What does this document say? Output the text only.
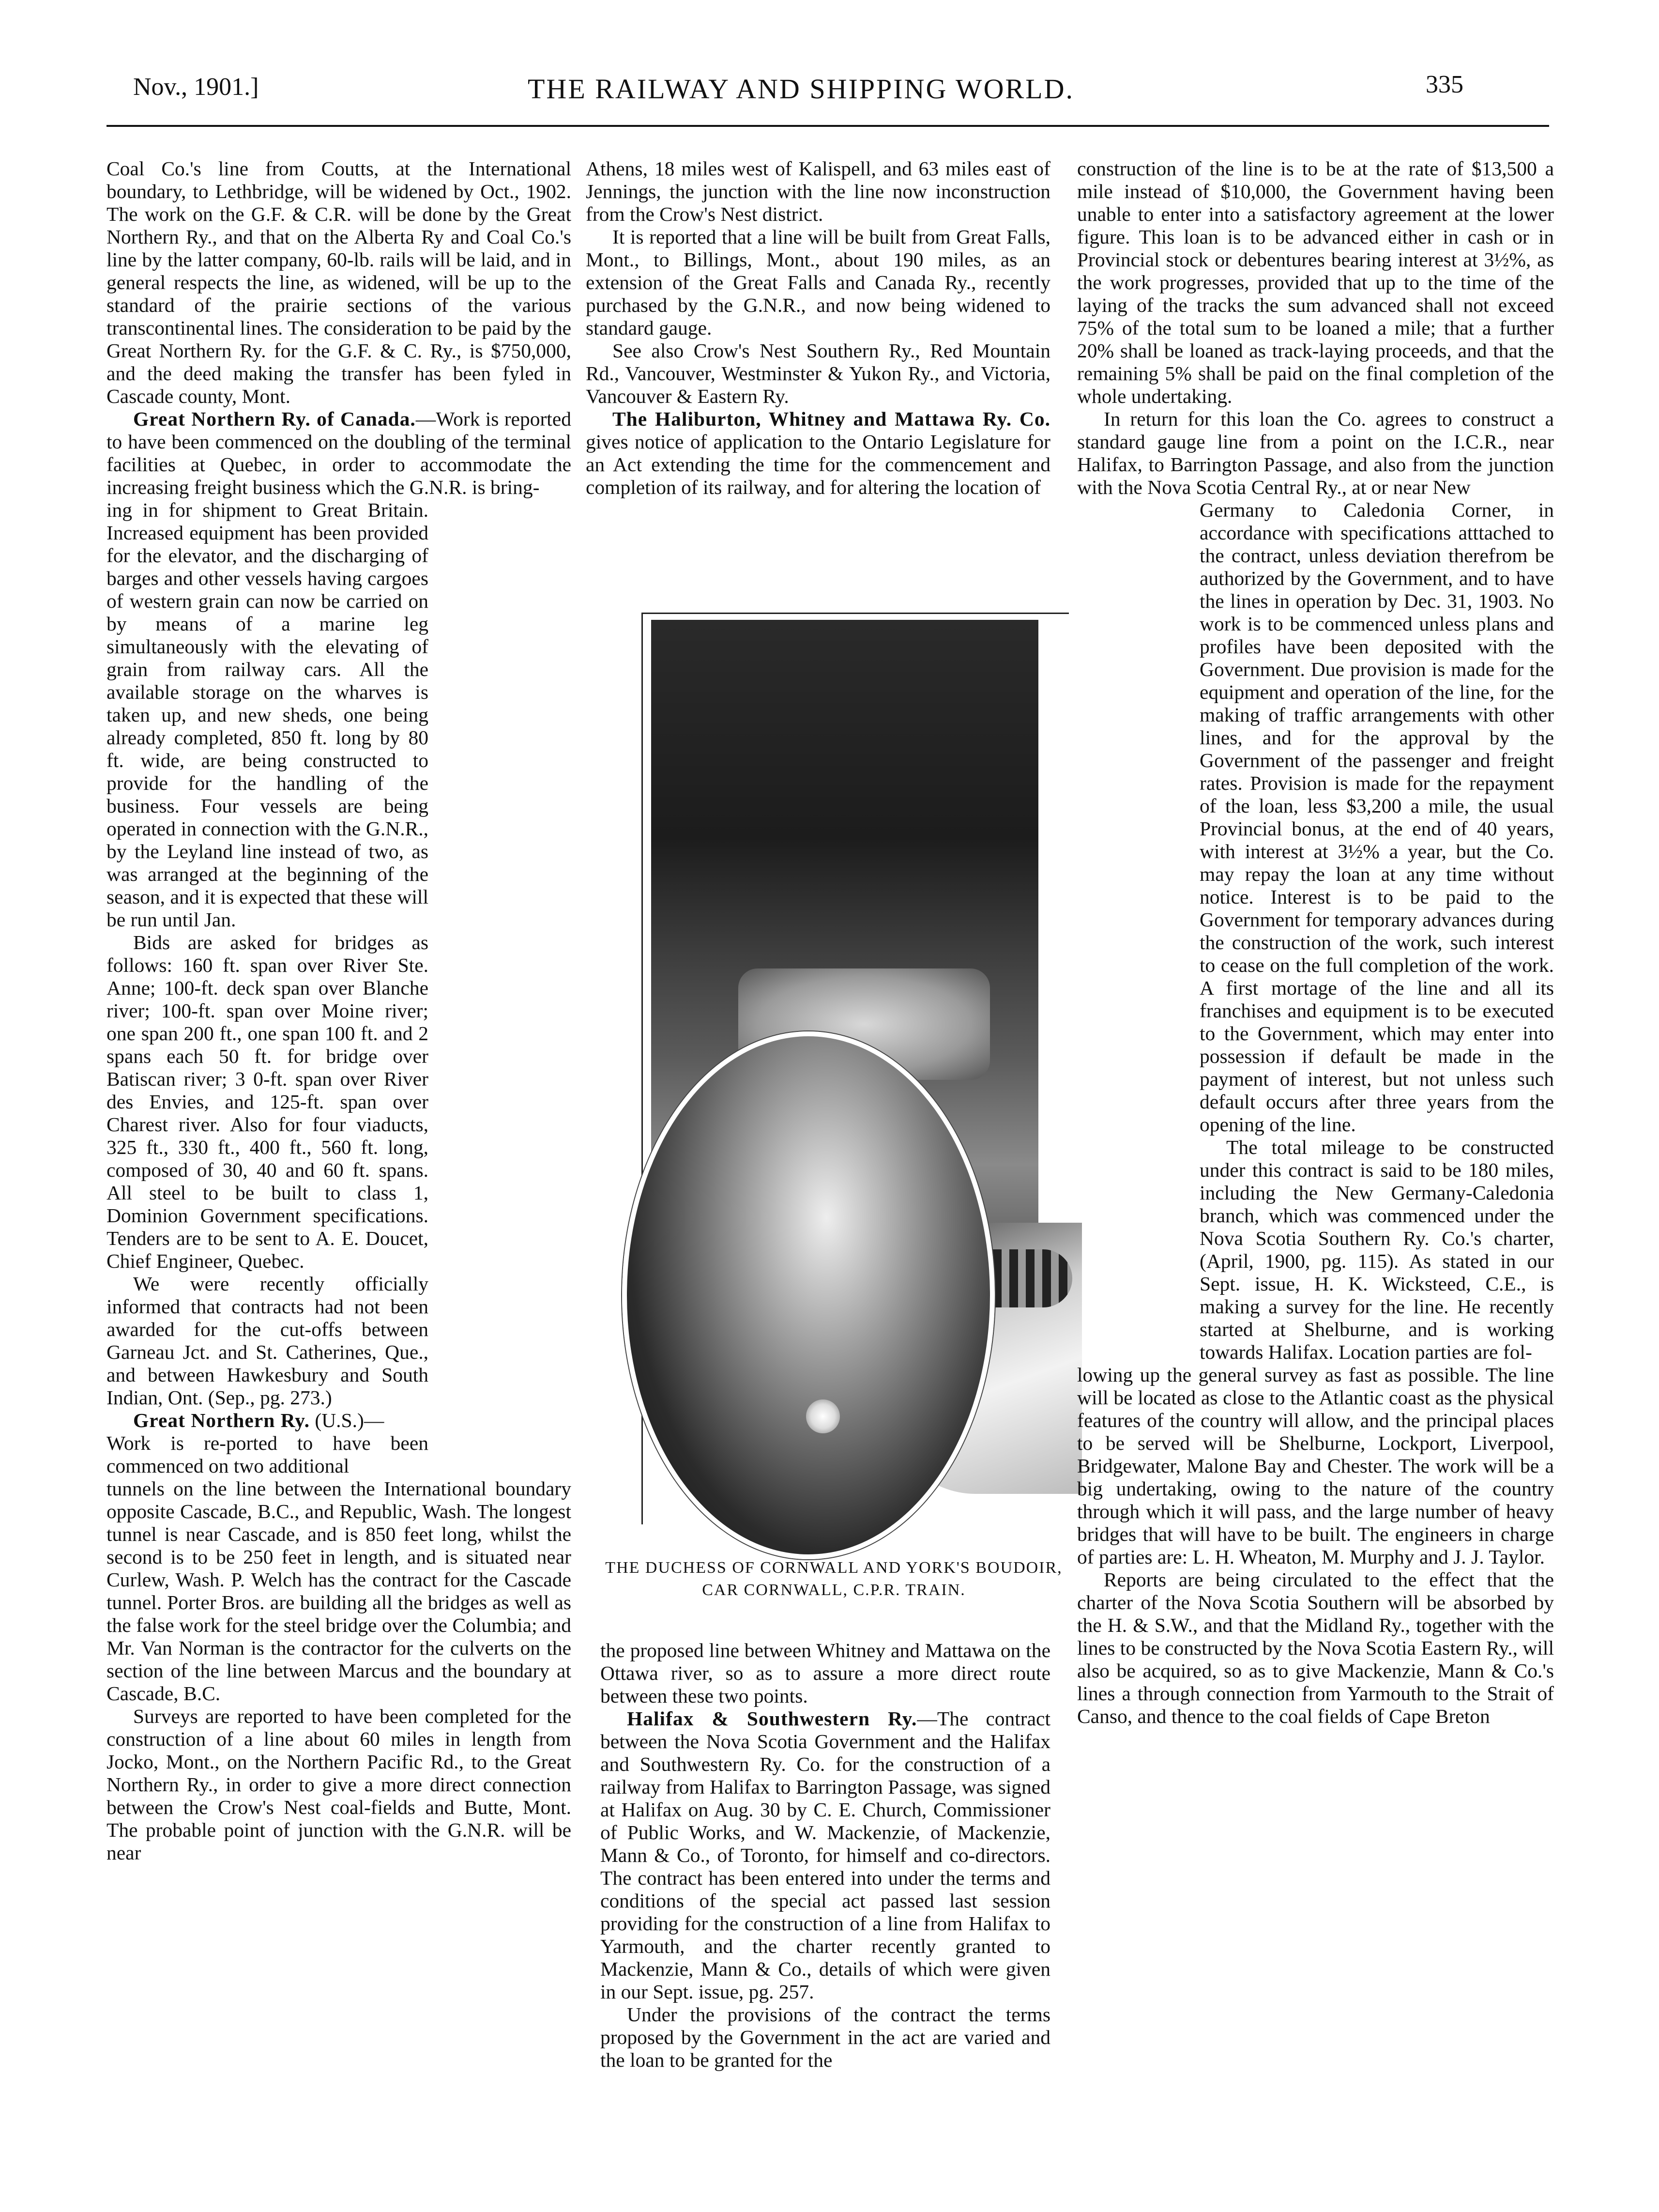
Nov., 1901.]	THE RAILWAY AND SHIPPING WORLD.	335

Coal Co.'s line from Coutts, at the International boundary, to Lethbridge, will be widened by Oct., 1902. The work on the G.F. & C.R. will be done by the Great Northern Ry., and that on the Alberta Ry and Coal Co.'s line by the latter company, 60-lb. rails will be laid, and in general respects the line, as widened, will be up to the standard of the prairie sections of the various transcontinental lines. The consideration to be paid by the Great Northern Ry. for the G.F. & C. Ry., is $750,000, and the deed making the transfer has been fyled in Cascade county, Mont.

Great Northern Ry. of Canada.—Work is reported to have been commenced on the doubling of the terminal facilities at Quebec, in order to accommodate the increasing freight business which the G.N.R. is bring-

ing in for shipment to Great Britain. Increased equipment has been provided for the elevator, and the discharging of barges and other vessels having cargoes of western grain can now be carried on by means of a marine leg simultaneously with the elevating of grain from railway cars. All the available storage on the wharves is taken up, and new sheds, one being already completed, 850 ft. long by 80 ft. wide, are being constructed to provide for the handling of the business. Four vessels are being operated in connection with the G.N.R., by the Leyland line instead of two, as was arranged at the beginning of the season, and it is expected that these will be run until Jan.

Bids are asked for bridges as follows: 160 ft. span over River Ste. Anne; 100-ft. deck span over Blanche river; 100-ft. span over Moine river; one span 200 ft., one span 100 ft. and 2 spans each 50 ft. for bridge over Batiscan river; 3 0-ft. span over River des Envies, and 125-ft. span over Charest river. Also for four viaducts, 325 ft., 330 ft., 400 ft., 560 ft. long, composed of 30, 40 and 60 ft. spans. All steel to be built to class 1, Dominion Government specifications. Tenders are to be sent to A. E. Doucet, Chief Engineer, Quebec.

We were recently officially informed that contracts had not been awarded for the cut-offs between Garneau Jct. and St. Catherines, Que., and between Hawkesbury and South Indian, Ont. (Sep., pg. 273.)

Great Northern Ry. (U.S.)—

Work is re-ported to have been commenced on two additional

tunnels on the line between the International boundary opposite Cascade, B.C., and Republic, Wash. The longest tunnel is near Cascade, and is 850 feet long, whilst the second is to be 250 feet in length, and is situated near Curlew, Wash. P. Welch has the contract for the Cascade tunnel. Porter Bros. are building all the bridges as well as the false work for the steel bridge over the Columbia; and Mr. Van Norman is the contractor for the culverts on the section of the line between Marcus and the boundary at Cascade, B.C.

Surveys are reported to have been completed for the construction of a line about 60 miles in length from Jocko, Mont., on the Northern Pacific Rd., to the Great Northern Ry., in order to give a more direct connection between the Crow's Nest coal-fields and Butte, Mont. The probable point of junction with the G.N.R. will be near

Athens, 18 miles west of Kalispell, and 63 miles east of Jennings, the junction with the line now inconstruction from the Crow's Nest district.

It is reported that a line will be built from Great Falls, Mont., to Billings, Mont., about 190 miles, as an extension of the Great Falls and Canada Ry., recently purchased by the G.N.R., and now being widened to standard gauge.

See also Crow's Nest Southern Ry., Red Mountain Rd., Vancouver, Westminster & Yukon Ry., and Victoria, Vancouver & Eastern Ry.

The Haliburton, Whitney and Mattawa Ry. Co. gives notice of application to the Ontario Legislature for an Act extending the time for the commencement and completion of its railway, and for altering the location of

THE DUCHESS OF CORNWALL AND YORK'S BOUDOIR,
CAR CORNWALL, C.P.R. TRAIN.

the proposed line between Whitney and Mattawa on the Ottawa river, so as to assure a more direct route between these two points.

Halifax & Southwestern Ry.—The contract between the Nova Scotia Government and the Halifax and Southwestern Ry. Co. for the construction of a railway from Halifax to Barrington Passage, was signed at Halifax on Aug. 30 by C. E. Church, Commissioner of Public Works, and W. Mackenzie, of Mackenzie, Mann & Co., of Toronto, for himself and co-directors. The contract has been entered into under the terms and conditions of the special act passed last session providing for the construction of a line from Halifax to Yarmouth, and the charter recently granted to Mackenzie, Mann & Co., details of which were given in our Sept. issue, pg. 257.

Under the provisions of the contract the terms proposed by the Government in the act are varied and the loan to be granted for the

construction of the line is to be at the rate of $13,500 a mile instead of $10,000, the Government having been unable to enter into a satisfactory agreement at the lower figure. This loan is to be advanced either in cash or in Provincial stock or debentures bearing interest at 3½%, as the work progresses, provided that up to the time of the laying of the tracks the sum advanced shall not exceed 75% of the total sum to be loaned a mile; that a further 20% shall be loaned as track-laying proceeds, and that the remaining 5% shall be paid on the final completion of the whole undertaking.

In return for this loan the Co. agrees to construct a standard gauge line from a point on the I.C.R., near Halifax, to Barrington Passage, and also from the junction with the Nova Scotia Central Ry., at or near New

Germany to Caledonia Corner, in accordance with specifications atttached to the contract, unless deviation therefrom be authorized by the Government, and to have the lines in operation by Dec. 31, 1903. No work is to be commenced unless plans and profiles have been deposited with the Government. Due provision is made for the equipment and operation of the line, for the making of traffic arrangements with other lines, and for the approval by the Government of the passenger and freight rates. Provision is made for the repayment of the loan, less $3,200 a mile, the usual Provincial bonus, at the end of 40 years, with interest at 3½% a year, but the Co. may repay the loan at any time without notice. Interest is to be paid to the Government for temporary advances during the construction of the work, such interest to cease on the full completion of the work. A first mortage of the line and all its franchises and equipment is to be executed to the Government, which may enter into possession if default be made in the payment of interest, but not unless such default occurs after three years from the opening of the line.

The total mileage to be constructed under this contract is said to be 180 miles, including the New Germany-Caledonia branch, which was commenced under the Nova Scotia Southern Ry. Co.'s charter, (April, 1900, pg. 115). As stated in our Sept. issue, H. K. Wicksteed, C.E., is making a survey for the line. He recently started at Shelburne, and is working towards Halifax. Location parties are fol-

lowing up the general survey as fast as possible. The line will be located as close to the Atlantic coast as the physical features of the country will allow, and the principal places to be served will be Shelburne, Lockport, Liverpool, Bridgewater, Malone Bay and Chester. The work will be a big undertaking, owing to the nature of the country through which it will pass, and the large number of heavy bridges that will have to be built. The engineers in charge of parties are: L. H. Wheaton, M. Murphy and J. J. Taylor.

Reports are being circulated to the effect that the charter of the Nova Scotia Southern will be absorbed by the H. & S.W., and that the Midland Ry., together with the lines to be constructed by the Nova Scotia Eastern Ry., will also be acquired, so as to give Mackenzie, Mann & Co.'s lines a through connection from Yarmouth to the Strait of Canso, and thence to the coal fields of Cape Breton
